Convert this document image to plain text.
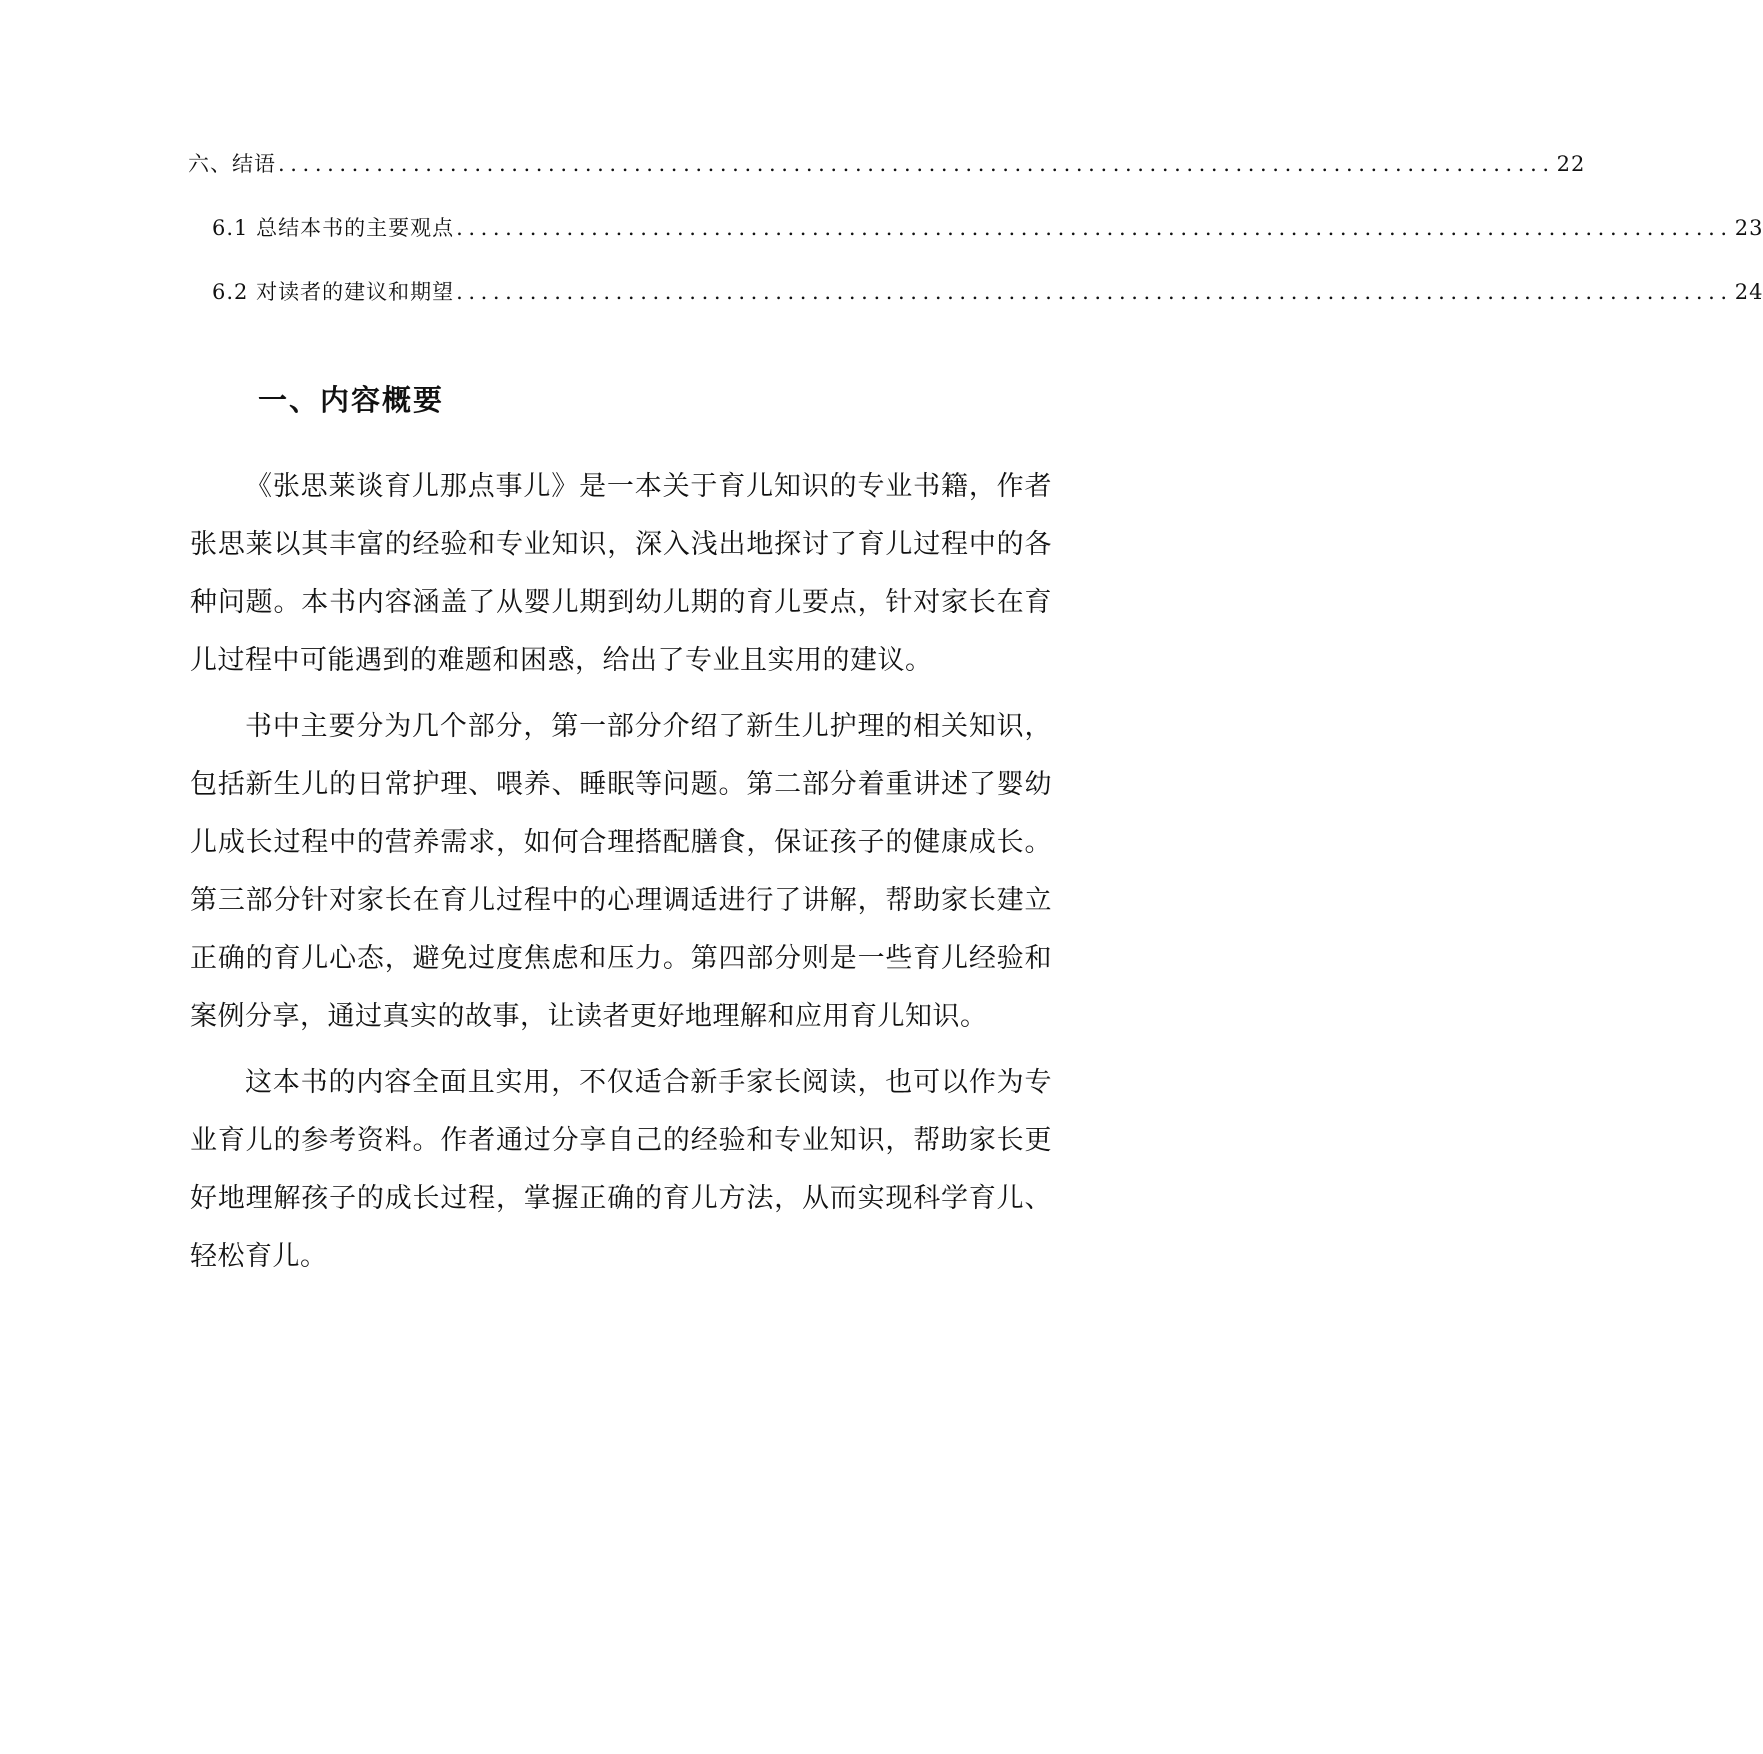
六、结语 ........................................................................................................ 22
6.1 总结本书的主要观点 ........................................................................................................ 23
6.2 对读者的建议和期望 ........................................................................................................ 24
一、内容概要

《张思莱谈育儿那点事儿》是一本关于育儿知识的专业书籍，作者张思莱以其丰富的经验和专业知识，深入浅出地探讨了育儿过程中的各种问题。本书内容涵盖了从婴儿期到幼儿期的育儿要点，针对家长在育儿过程中可能遇到的难题和困惑，给出了专业且实用的建议。

书中主要分为几个部分，第一部分介绍了新生儿护理的相关知识，包括新生儿的日常护理、喂养、睡眠等问题。第二部分着重讲述了婴幼儿成长过程中的营养需求，如何合理搭配膳食，保证孩子的健康成长。第三部分针对家长在育儿过程中的心理调适进行了讲解，帮助家长建立正确的育儿心态，避免过度焦虑和压力。第四部分则是一些育儿经验和案例分享，通过真实的故事，让读者更好地理解和应用育儿知识。

这本书的内容全面且实用，不仅适合新手家长阅读，也可以作为专业育儿的参考资料。作者通过分享自己的经验和专业知识，帮助家长更好地理解孩子的成长过程，掌握正确的育儿方法，从而实现科学育儿、轻松育儿。
